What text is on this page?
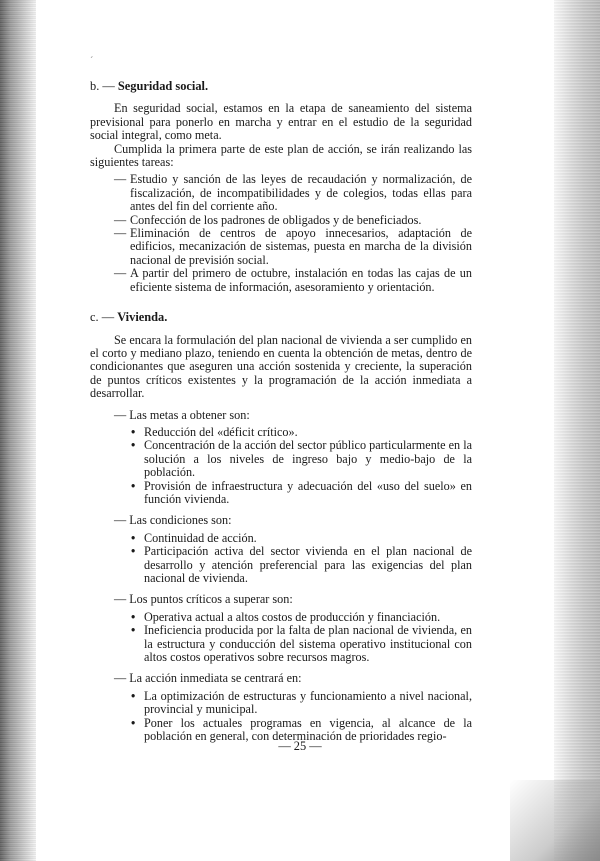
ˊ
b. — Seguridad social.

En seguridad social, estamos en la etapa de saneamiento del sistema previsional para ponerlo en marcha y entrar en el estudio de la seguridad social integral, como meta.

Cumplida la primera parte de este plan de acción, se irán realizando las siguientes tareas:

— Estudio y sanción de las leyes de recaudación y normalización, de fiscalización, de incompatibilidades y de colegios, todas ellas para antes del fin del corriente año.
— Confección de los padrones de obligados y de beneficiados.
— Eliminación de centros de apoyo innecesarios, adaptación de edificios, mecanización de sistemas, puesta en marcha de la división nacional de previsión social.
— A partir del primero de octubre, instalación en todas las cajas de un eficiente sistema de información, asesoramiento y orientación.
c. — Vivienda.

Se encara la formulación del plan nacional de vivienda a ser cumplido en el corto y mediano plazo, teniendo en cuenta la obtención de metas, dentro de condicionantes que aseguren una acción sostenida y creciente, la superación de puntos críticos existentes y la programación de la acción inmediata a desarrollar.

— Las metas a obtener son:
• Reducción del «déficit crítico».
• Concentración de la acción del sector público particularmente en la solución a los niveles de ingreso bajo y medio-bajo de la población.
• Provisión de infraestructura y adecuación del «uso del suelo» en función vivienda.
— Las condiciones son:
• Continuidad de acción.
• Participación activa del sector vivienda en el plan nacional de desarrollo y atención preferencial para las exigencias del plan nacional de vivienda.
— Los puntos críticos a superar son:
• Operativa actual a altos costos de producción y financiación.
• Ineficiencia producida por la falta de plan nacional de vivienda, en la estructura y conducción del sistema operativo institucional con altos costos operativos sobre recursos magros.
— La acción inmediata se centrará en:
• La optimización de estructuras y funcionamiento a nivel nacional, provincial y municipal.
• Poner los actuales programas en vigencia, al alcance de la población en general, con determinación de prioridades regio-
— 25 —
